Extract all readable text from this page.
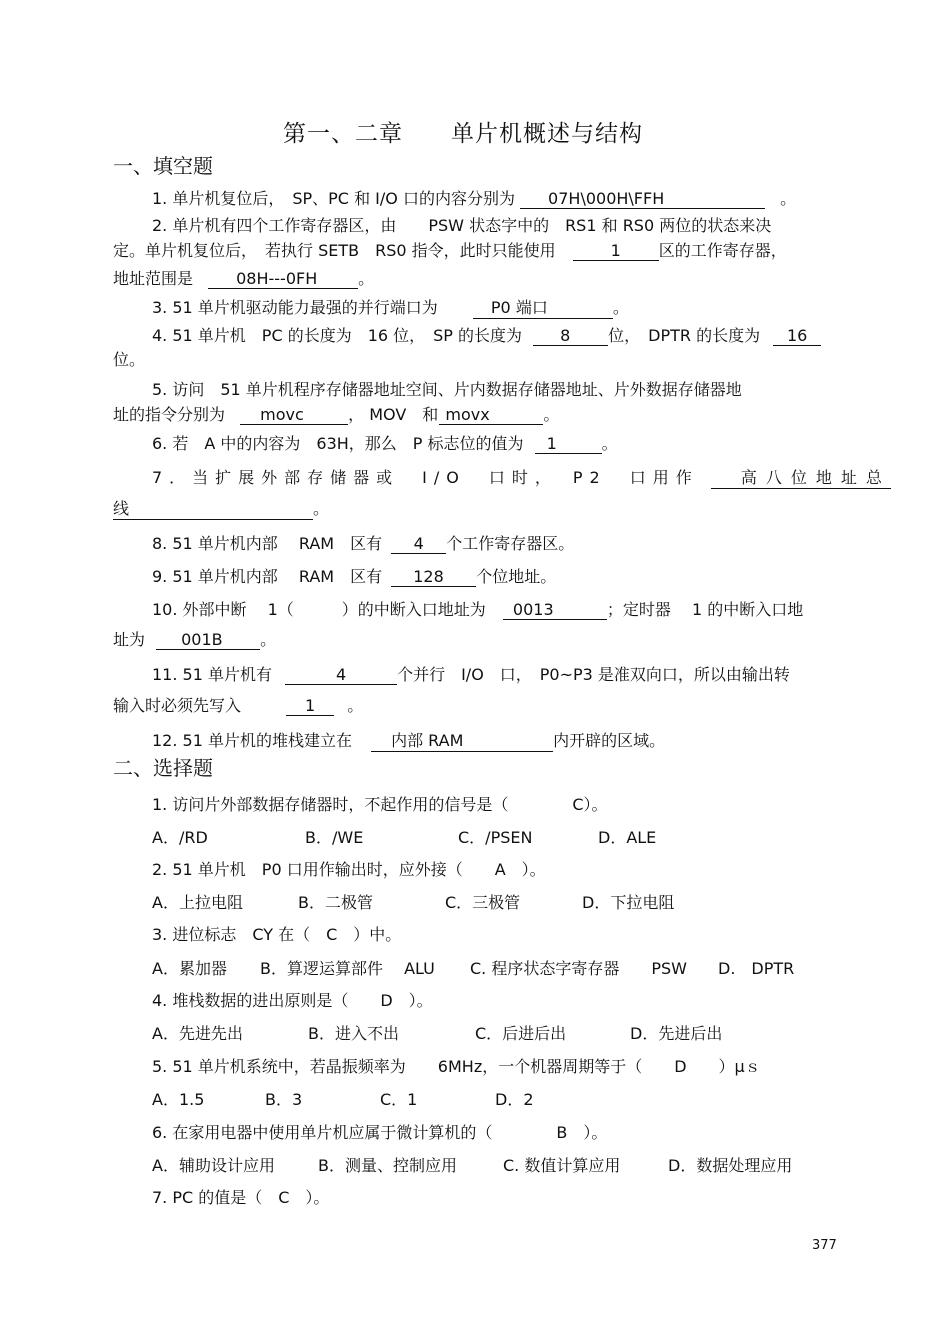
第一、二章　　单片机概述与结构
一、填空题
1. 单片机复位后，　SP、PC 和 I/O 口的内容分别为 07H\000H\FFH	。
2. 单片机有四个工作寄存器区，由　　PSW 状态字中的　RS1 和 RS0 两位的状态来决
定。单片机复位后，　若执行 SETB　RS0 指令，此时只能使用	1 区的工作寄存器，
地址范围是	08H---0FH	。
3. 51 单片机驱动能力最强的并行端口为	P0 端口	。
4. 51 单片机　PC 的长度为　16 位，　SP 的长度为 8 位，　DPTR 的长度为 16
位。
5. 访问　51 单片机程序存储器地址空间、片内数据存储器地址、片外数据存储器地
址的指令分别为 movc	， MOV　和 movx	。
6. 若　A 中的内容为　63H，那么　P 标志位的值为 1	。
7．当扩展外部存储器或　I/O　口时，　P2　口用作	高八位地址总
线	。
8. 51 单片机内部　 RAM　区有 4 个工作寄存器区。
9. 51 单片机内部　 RAM　区有 128 个位地址。
10. 外部中断　 1（　　　）的中断入口地址为 0013	；定时器　 1 的中断入口地
址为 001B 。
11. 51 单片机有	4	个并行　I/O　口，　P0~P3 是准双向口，所以由输出转
输入时必须先写入	1 。
12. 51 单片机的堆栈建立在 内部 RAM	内开辟的区域。
二、选择题
1. 访问片外部数据存储器时，不起作用的信号是（　　　　C）。
A．/RD	B．/WE	C．/PSEN	D．ALE
2. 51 单片机　P0 口用作输出时，应外接（　　A　）。
A．上拉电阻	B．二极管	C．三极管	D．下拉电阻
3. 进位标志　CY 在（　C　）中。
A．累加器 B．算逻运算部件　 ALU C. 程序状态字寄存器　　PSW D.　DPTR
4. 堆栈数据的进出原则是（　　D　）。
A．先进先出	B．进入不出	C．后进后出	D．先进后出
5. 51 单片机系统中，若晶振频率为　　6MHz，一个机器周期等于（　　D　　）μｓ
A．1.5	B．3	C．1	D．2
6. 在家用电器中使用单片机应属于微计算机的（　　　　B　）。
A．辅助设计应用	B．测量、控制应用	C. 数值计算应用	D．数据处理应用
7. PC 的值是（　C　）。
377
